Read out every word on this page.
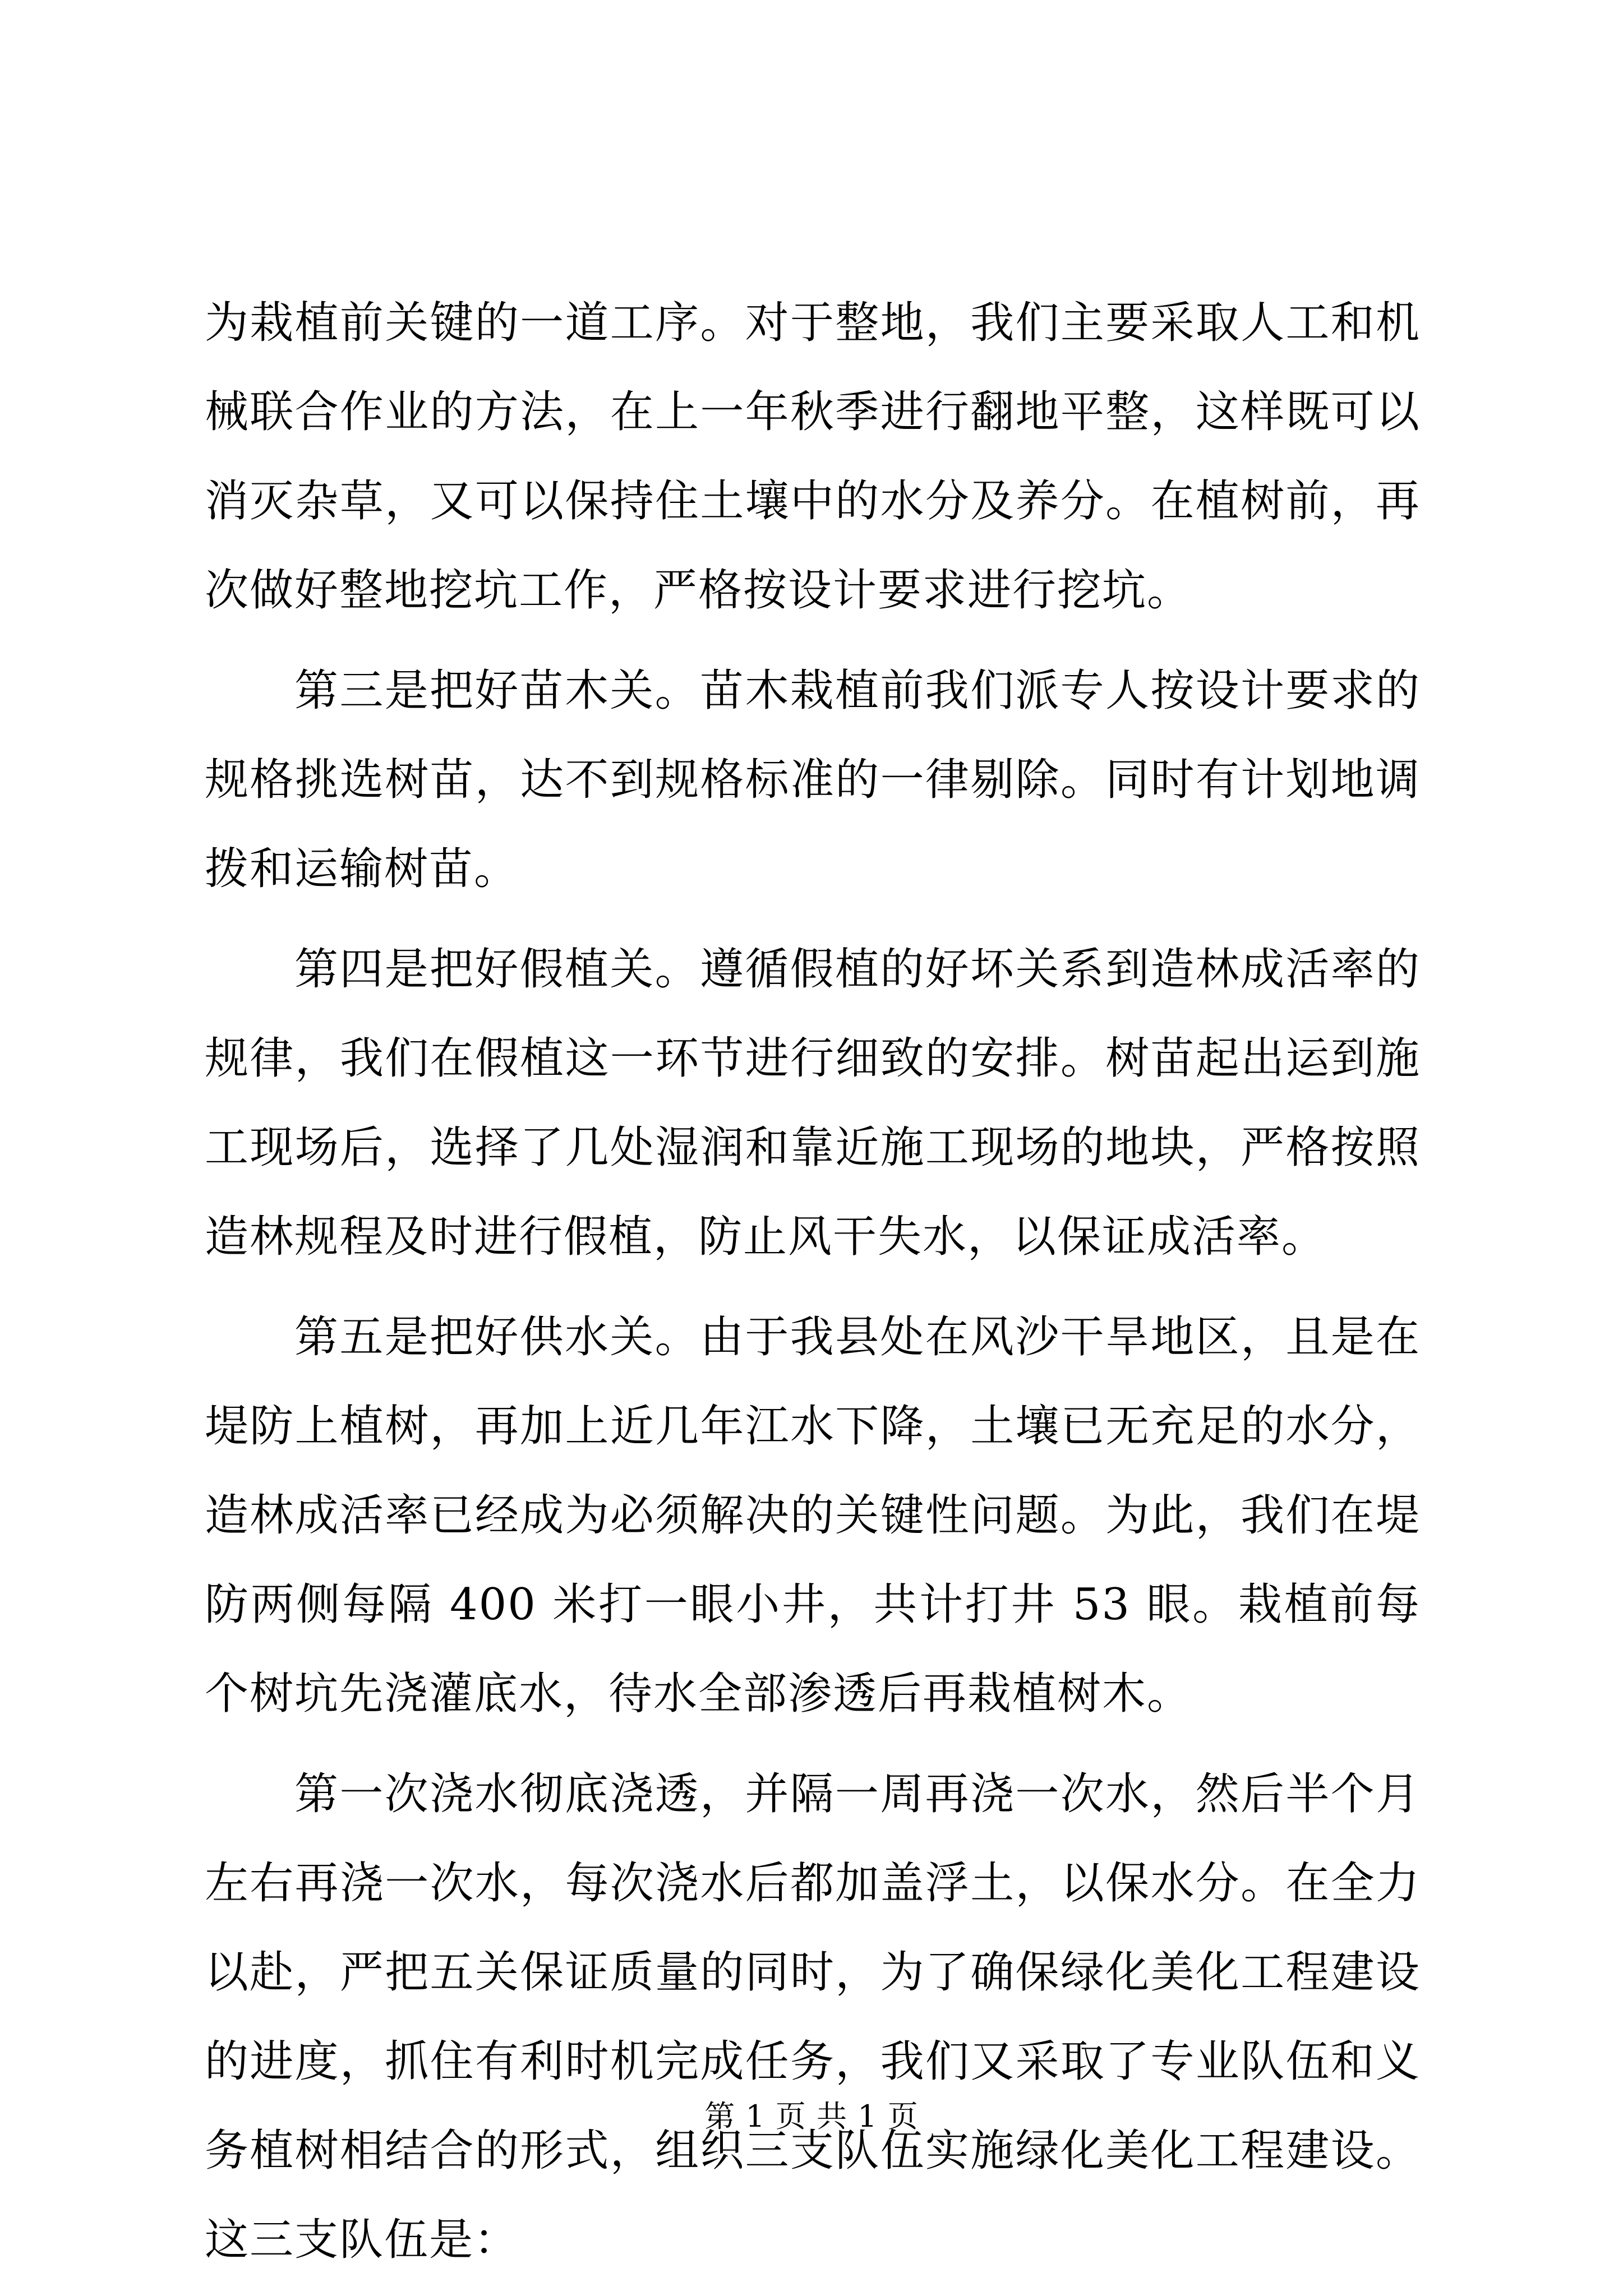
为栽植前关键的一道工序。对于整地，我们主要采取人工和机械联合作业的方法，在上一年秋季进行翻地平整，这样既可以消灭杂草，又可以保持住土壤中的水分及养分。在植树前，再次做好整地挖坑工作，严格按设计要求进行挖坑。

第三是把好苗木关。苗木栽植前我们派专人按设计要求的规格挑选树苗，达不到规格标准的一律剔除。同时有计划地调拨和运输树苗。

第四是把好假植关。遵循假植的好坏关系到造林成活率的规律，我们在假植这一环节进行细致的安排。树苗起出运到施工现场后，选择了几处湿润和靠近施工现场的地块，严格按照造林规程及时进行假植，防止风干失水，以保证成活率。

第五是把好供水关。由于我县处在风沙干旱地区，且是在堤防上植树，再加上近几年江水下降，土壤已无充足的水分，造林成活率已经成为必须解决的关键性问题。为此，我们在堤防两侧每隔 400 米打一眼小井，共计打井 53 眼。栽植前每个树坑先浇灌底水，待水全部渗透后再栽植树木。

第一次浇水彻底浇透，并隔一周再浇一次水，然后半个月左右再浇一次水，每次浇水后都加盖浮土，以保水分。在全力以赴，严把五关保证质量的同时，为了确保绿化美化工程建设的进度，抓住有利时机完成任务，我们又采取了专业队伍和义务植树相结合的形式，组织三支队伍实施绿化美化工程建设。这三支队伍是：

第 1 页 共 1 页
